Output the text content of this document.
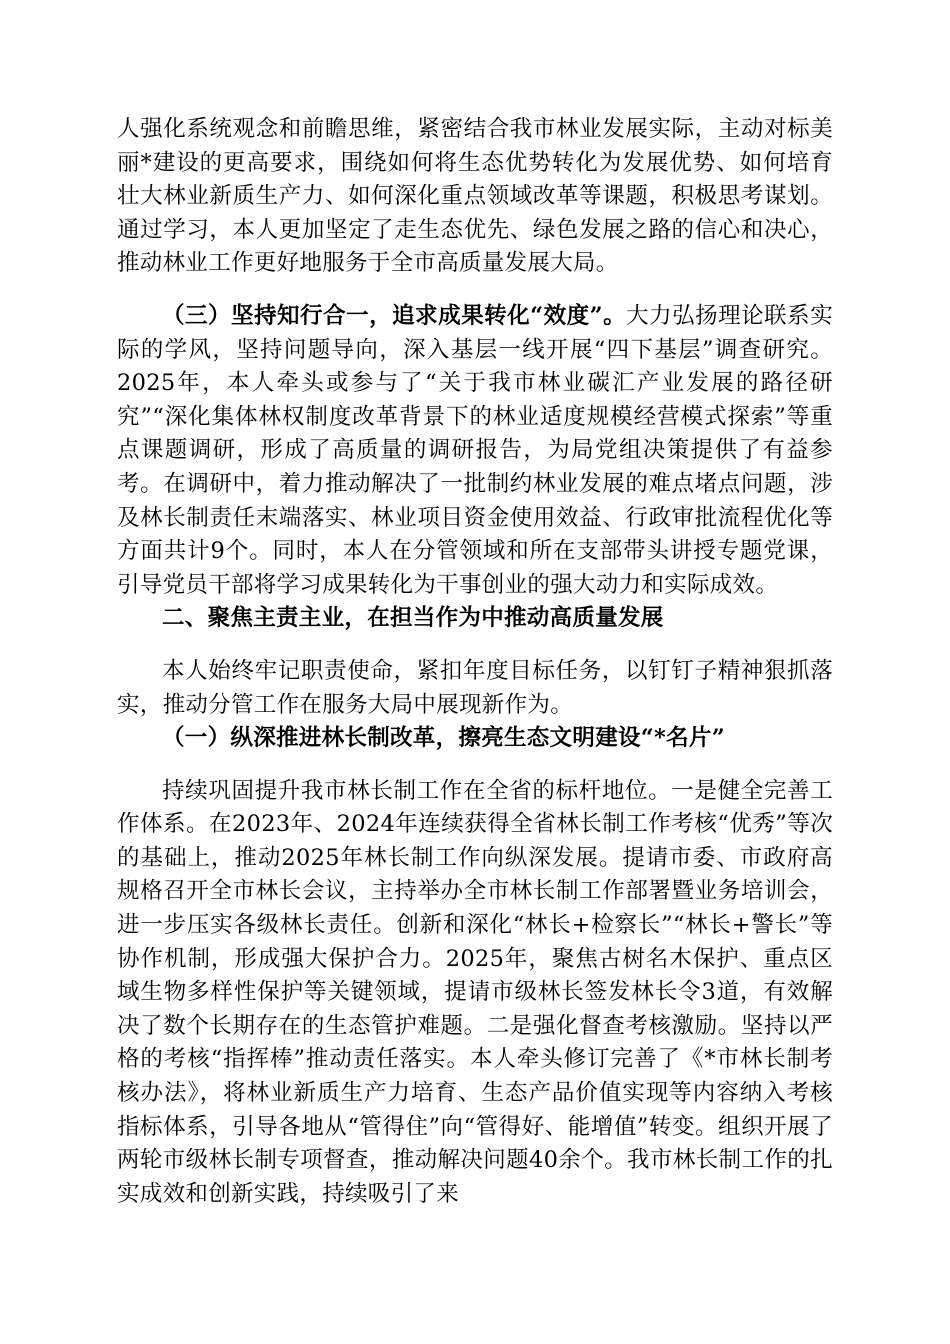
人强化系统观念和前瞻思维，紧密结合我市林业发展实际，主动对标美丽*建设的更高要求，围绕如何将生态优势转化为发展优势、如何培育壮大林业新质生产力、如何深化重点领域改革等课题，积极思考谋划。通过学习，本人更加坚定了走生态优先、绿色发展之路的信心和决心，推动林业工作更好地服务于全市高质量发展大局。

（三）坚持知行合一，追求成果转化“效度”。大力弘扬理论联系实际的学风，坚持问题导向，深入基层一线开展“四下基层”调查研究。2025年，本人牵头或参与了“关于我市林业碳汇产业发展的路径研究”“深化集体林权制度改革背景下的林业适度规模经营模式探索”等重点课题调研，形成了高质量的调研报告，为局党组决策提供了有益参考。在调研中，着力推动解决了一批制约林业发展的难点堵点问题，涉及林长制责任末端落实、林业项目资金使用效益、行政审批流程优化等方面共计9个。同时，本人在分管领域和所在支部带头讲授专题党课，引导党员干部将学习成果转化为干事创业的强大动力和实际成效。

二、聚焦主责主业，在担当作为中推动高质量发展

本人始终牢记职责使命，紧扣年度目标任务，以钉钉子精神狠抓落实，推动分管工作在服务大局中展现新作为。

（一）纵深推进林长制改革，擦亮生态文明建设“*名片”

持续巩固提升我市林长制工作在全省的标杆地位。一是健全完善工作体系。在2023年、2024年连续获得全省林长制工作考核“优秀”等次的基础上，推动2025年林长制工作向纵深发展。提请市委、市政府高规格召开全市林长会议，主持举办全市林长制工作部署暨业务培训会，进一步压实各级林长责任。创新和深化“林长+检察长”“林长+警长”等协作机制，形成强大保护合力。2025年，聚焦古树名木保护、重点区域生物多样性保护等关键领域，提请市级林长签发林长令3道，有效解决了数个长期存在的生态管护难题。二是强化督查考核激励。坚持以严格的考核“指挥棒”推动责任落实。本人牵头修订完善了《*市林长制考核办法》，将林业新质生产力培育、生态产品价值实现等内容纳入考核指标体系，引导各地从“管得住”向“管得好、能增值”转变。组织开展了两轮市级林长制专项督查，推动解决问题40余个。我市林长制工作的扎实成效和创新实践，持续吸引了来
